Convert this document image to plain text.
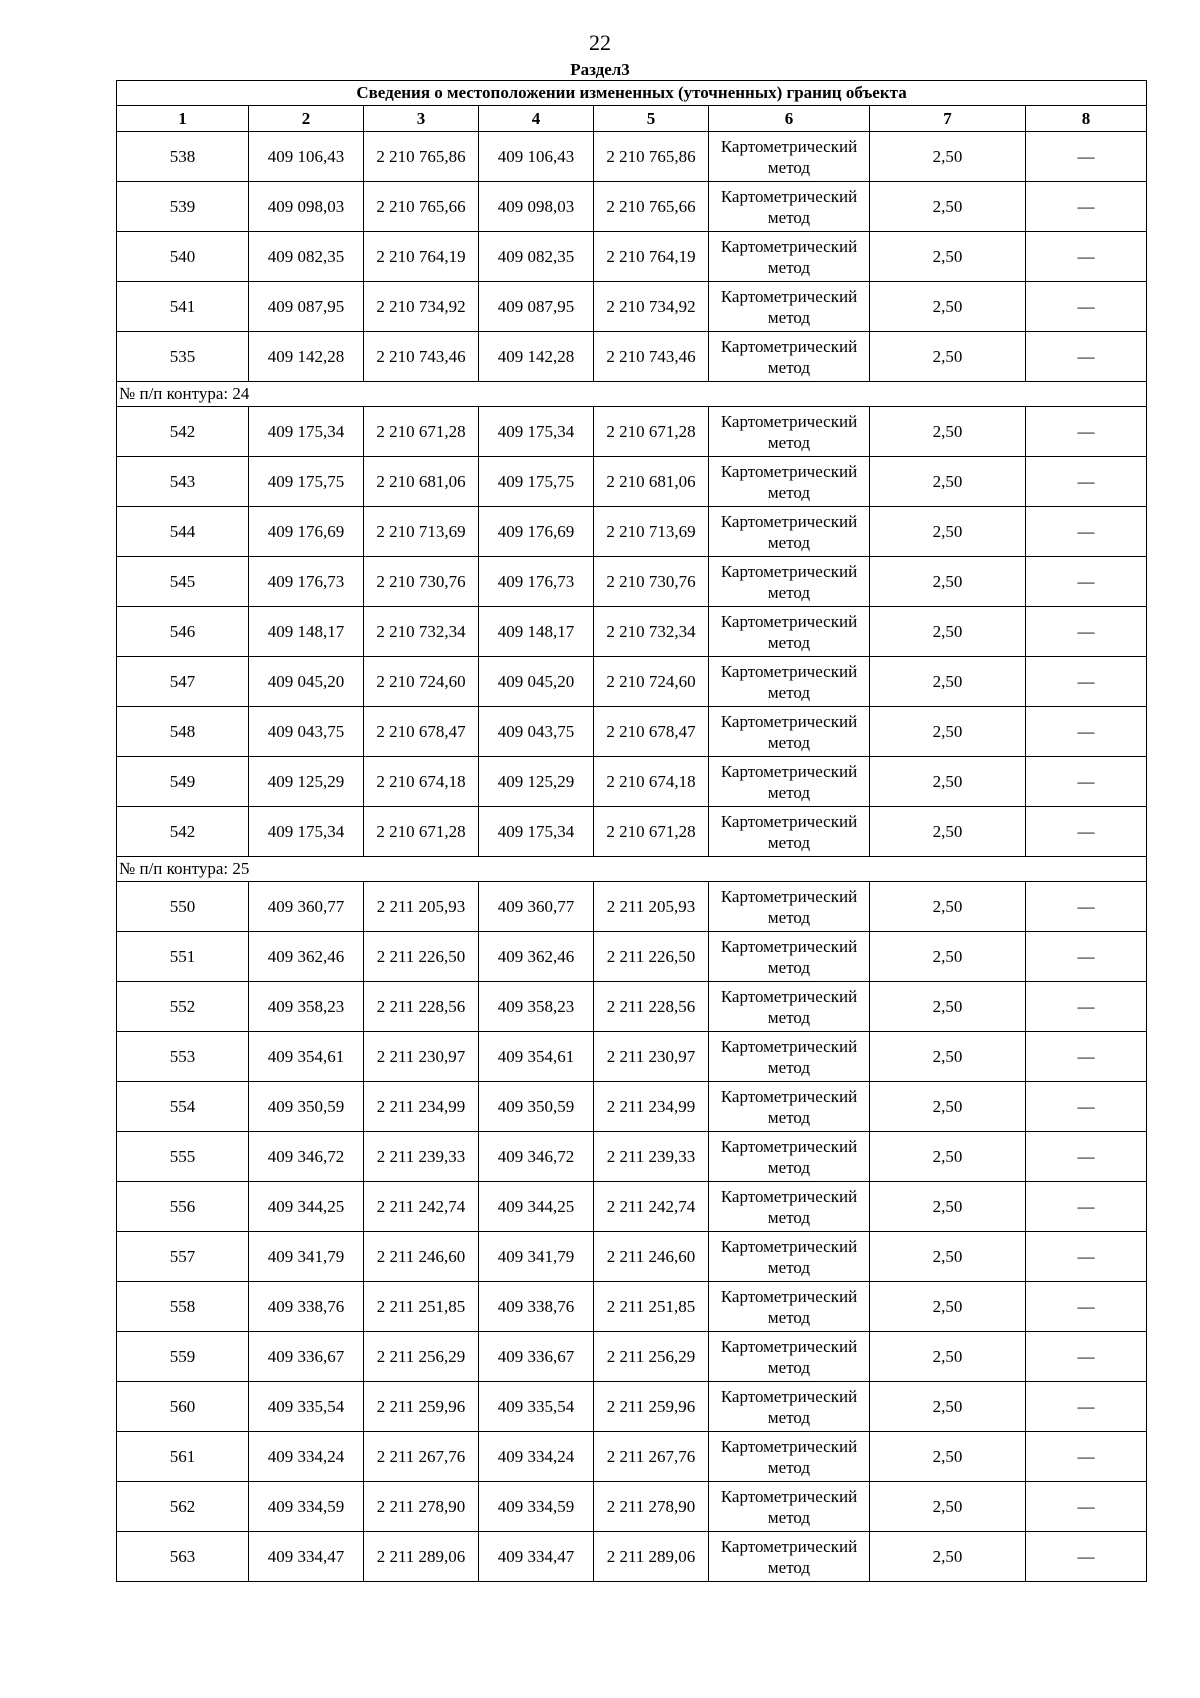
22
Раздел3
Сведения о местоположении измененных (уточненных) границ объекта							
1	2	3	4	5	6	7	8
538	409 106,43	2 210 765,86	409 106,43	2 210 765,86	Картометрический метод	2,50	—
539	409 098,03	2 210 765,66	409 098,03	2 210 765,66	Картометрический метод	2,50	—
540	409 082,35	2 210 764,19	409 082,35	2 210 764,19	Картометрический метод	2,50	—
541	409 087,95	2 210 734,92	409 087,95	2 210 734,92	Картометрический метод	2,50	—
535	409 142,28	2 210 743,46	409 142,28	2 210 743,46	Картометрический метод	2,50	—
№ п/п контура: 24							
542	409 175,34	2 210 671,28	409 175,34	2 210 671,28	Картометрический метод	2,50	—
543	409 175,75	2 210 681,06	409 175,75	2 210 681,06	Картометрический метод	2,50	—
544	409 176,69	2 210 713,69	409 176,69	2 210 713,69	Картометрический метод	2,50	—
545	409 176,73	2 210 730,76	409 176,73	2 210 730,76	Картометрический метод	2,50	—
546	409 148,17	2 210 732,34	409 148,17	2 210 732,34	Картометрический метод	2,50	—
547	409 045,20	2 210 724,60	409 045,20	2 210 724,60	Картометрический метод	2,50	—
548	409 043,75	2 210 678,47	409 043,75	2 210 678,47	Картометрический метод	2,50	—
549	409 125,29	2 210 674,18	409 125,29	2 210 674,18	Картометрический метод	2,50	—
542	409 175,34	2 210 671,28	409 175,34	2 210 671,28	Картометрический метод	2,50	—
№ п/п контура: 25							
550	409 360,77	2 211 205,93	409 360,77	2 211 205,93	Картометрический метод	2,50	—
551	409 362,46	2 211 226,50	409 362,46	2 211 226,50	Картометрический метод	2,50	—
552	409 358,23	2 211 228,56	409 358,23	2 211 228,56	Картометрический метод	2,50	—
553	409 354,61	2 211 230,97	409 354,61	2 211 230,97	Картометрический метод	2,50	—
554	409 350,59	2 211 234,99	409 350,59	2 211 234,99	Картометрический метод	2,50	—
555	409 346,72	2 211 239,33	409 346,72	2 211 239,33	Картометрический метод	2,50	—
556	409 344,25	2 211 242,74	409 344,25	2 211 242,74	Картометрический метод	2,50	—
557	409 341,79	2 211 246,60	409 341,79	2 211 246,60	Картометрический метод	2,50	—
558	409 338,76	2 211 251,85	409 338,76	2 211 251,85	Картометрический метод	2,50	—
559	409 336,67	2 211 256,29	409 336,67	2 211 256,29	Картометрический метод	2,50	—
560	409 335,54	2 211 259,96	409 335,54	2 211 259,96	Картометрический метод	2,50	—
561	409 334,24	2 211 267,76	409 334,24	2 211 267,76	Картометрический метод	2,50	—
562	409 334,59	2 211 278,90	409 334,59	2 211 278,90	Картометрический метод	2,50	—
563	409 334,47	2 211 289,06	409 334,47	2 211 289,06	Картометрический метод	2,50	—
